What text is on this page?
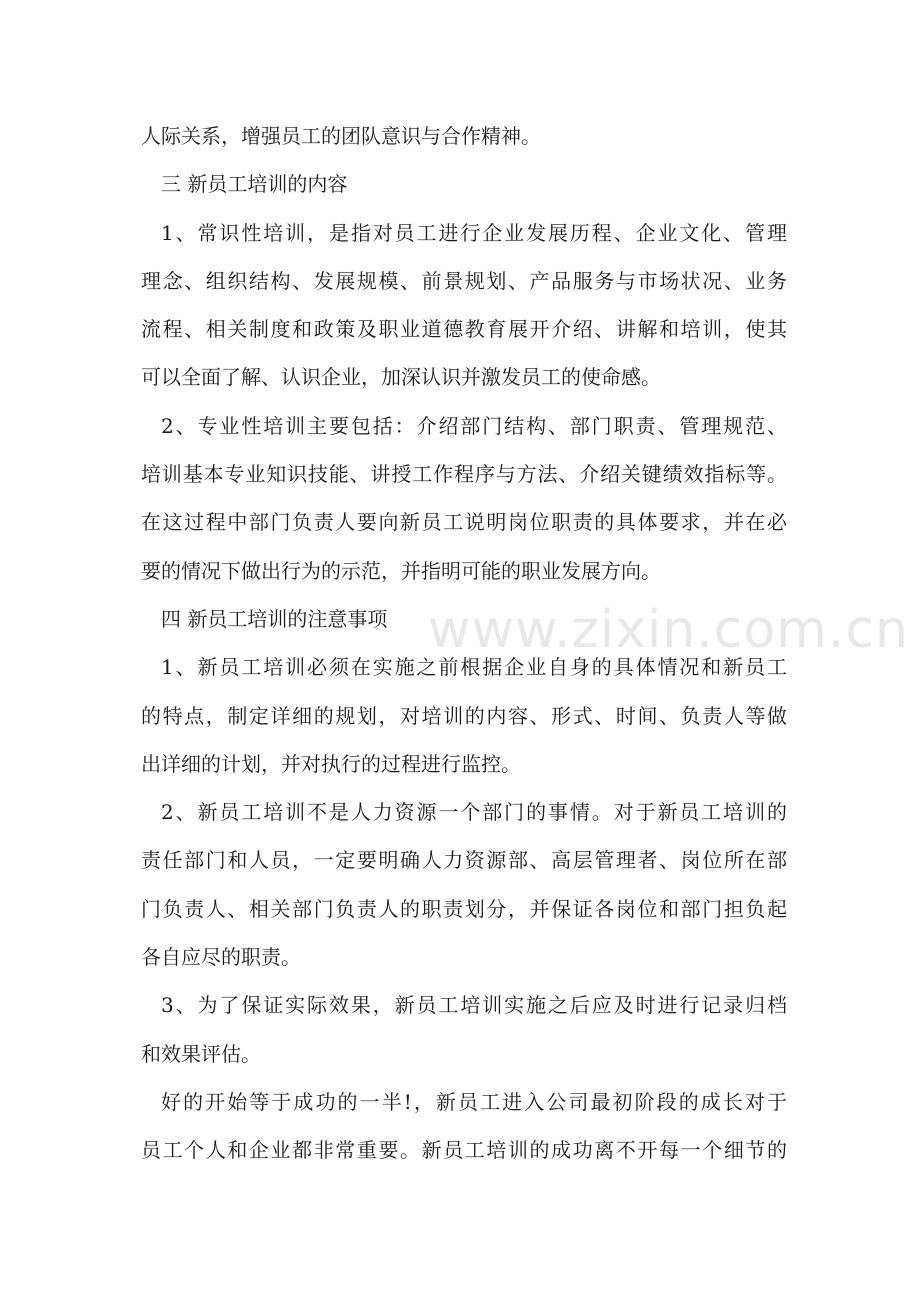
人际关系，增强员工的团队意识与合作精神。
三 新员工培训的内容
1、常识性培训，是指对员工进行企业发展历程、企业文化、管理
理念、组织结构、发展规模、前景规划、产品服务与市场状况、业务
流程、相关制度和政策及职业道德教育展开介绍、讲解和培训，使其
可以全面了解、认识企业，加深认识并激发员工的使命感。
2、专业性培训主要包括：介绍部门结构、部门职责、管理规范、
培训基本专业知识技能、讲授工作程序与方法、介绍关键绩效指标等。
在这过程中部门负责人要向新员工说明岗位职责的具体要求，并在必
要的情况下做出行为的示范，并指明可能的职业发展方向。
四 新员工培训的注意事项
1、新员工培训必须在实施之前根据企业自身的具体情况和新员工
的特点，制定详细的规划，对培训的内容、形式、时间、负责人等做
出详细的计划，并对执行的过程进行监控。
2、新员工培训不是人力资源一个部门的事情。对于新员工培训的
责任部门和人员，一定要明确人力资源部、高层管理者、岗位所在部
门负责人、相关部门负责人的职责划分，并保证各岗位和部门担负起
各自应尽的职责。
3、为了保证实际效果，新员工培训实施之后应及时进行记录归档
和效果评估。
好的开始等于成功的一半!，新员工进入公司最初阶段的成长对于
员工个人和企业都非常重要。新员工培训的成功离不开每一个细节的
www.zixin.com.cn
